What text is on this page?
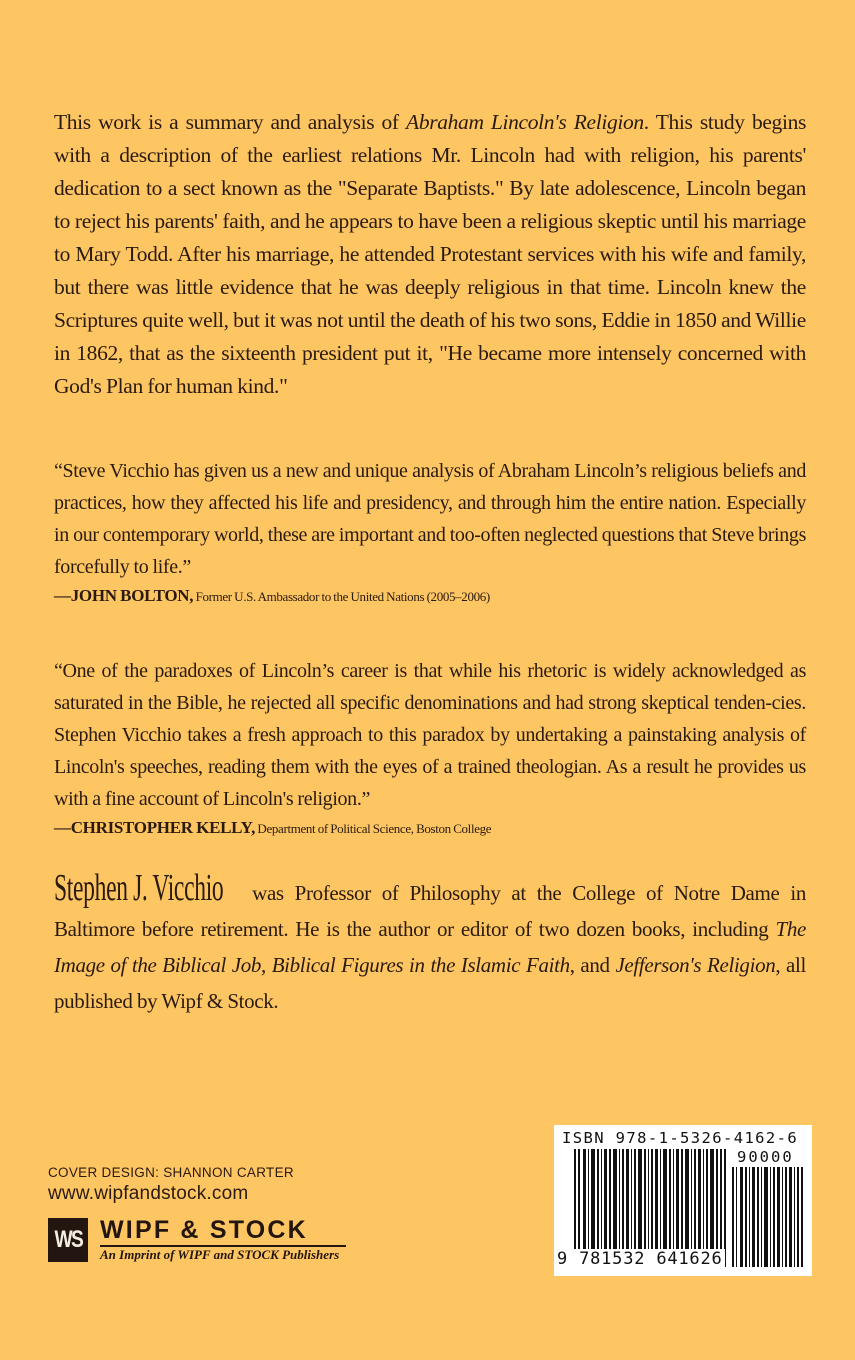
This work is a summary and analysis of Abraham Lincoln's Religion. This study begins with a description of the earliest relations Mr. Lincoln had with religion, his parents' dedication to a sect known as the "Separate Baptists." By late adolescence, Lincoln began to reject his parents' faith, and he appears to have been a religious skeptic until his marriage to Mary Todd. After his marriage, he attended Protestant services with his wife and family, but there was little evidence that he was deeply religious in that time. Lincoln knew the Scriptures quite well, but it was not until the death of his two sons, Eddie in 1850 and Willie in 1862, that as the sixteenth president put it, "He became more intensely concerned with God's Plan for human kind."

“Steve Vicchio has given us a new and unique analysis of Abraham Lincoln’s religious beliefs and practices, how they affected his life and presidency, and through him the entire nation. Especially in our contemporary world, these are important and too-often neglected questions that Steve brings forcefully to life.”

—JOHN BOLTON, Former U.S. Ambassador to the United Nations (2005–2006)

“One of the paradoxes of Lincoln’s career is that while his rhetoric is widely acknowledged as saturated in the Bible, he rejected all specific denominations and had strong skeptical tenden-cies. Stephen Vicchio takes a fresh approach to this paradox by undertaking a painstaking analysis of Lincoln's speeches, reading them with the eyes of a trained theologian. As a result he provides us with a fine account of Lincoln's religion.”

—CHRISTOPHER KELLY, Department of Political Science, Boston College

Stephen J. Vicchio was Professor of Philosophy at the College of Notre Dame in Baltimore before retirement. He is the author or editor of two dozen books, including The Image of the Biblical Job, Biblical Figures in the Islamic Faith, and Jefferson's Religion, all published by Wipf & Stock.

COVER DESIGN: SHANNON CARTER
www.wipfandstock.com
WS WIPF & STOCK
An Imprint of WIPF and STOCK Publishers
ISBN 978-1-5326-4162-6
90000
9 781532 641626
